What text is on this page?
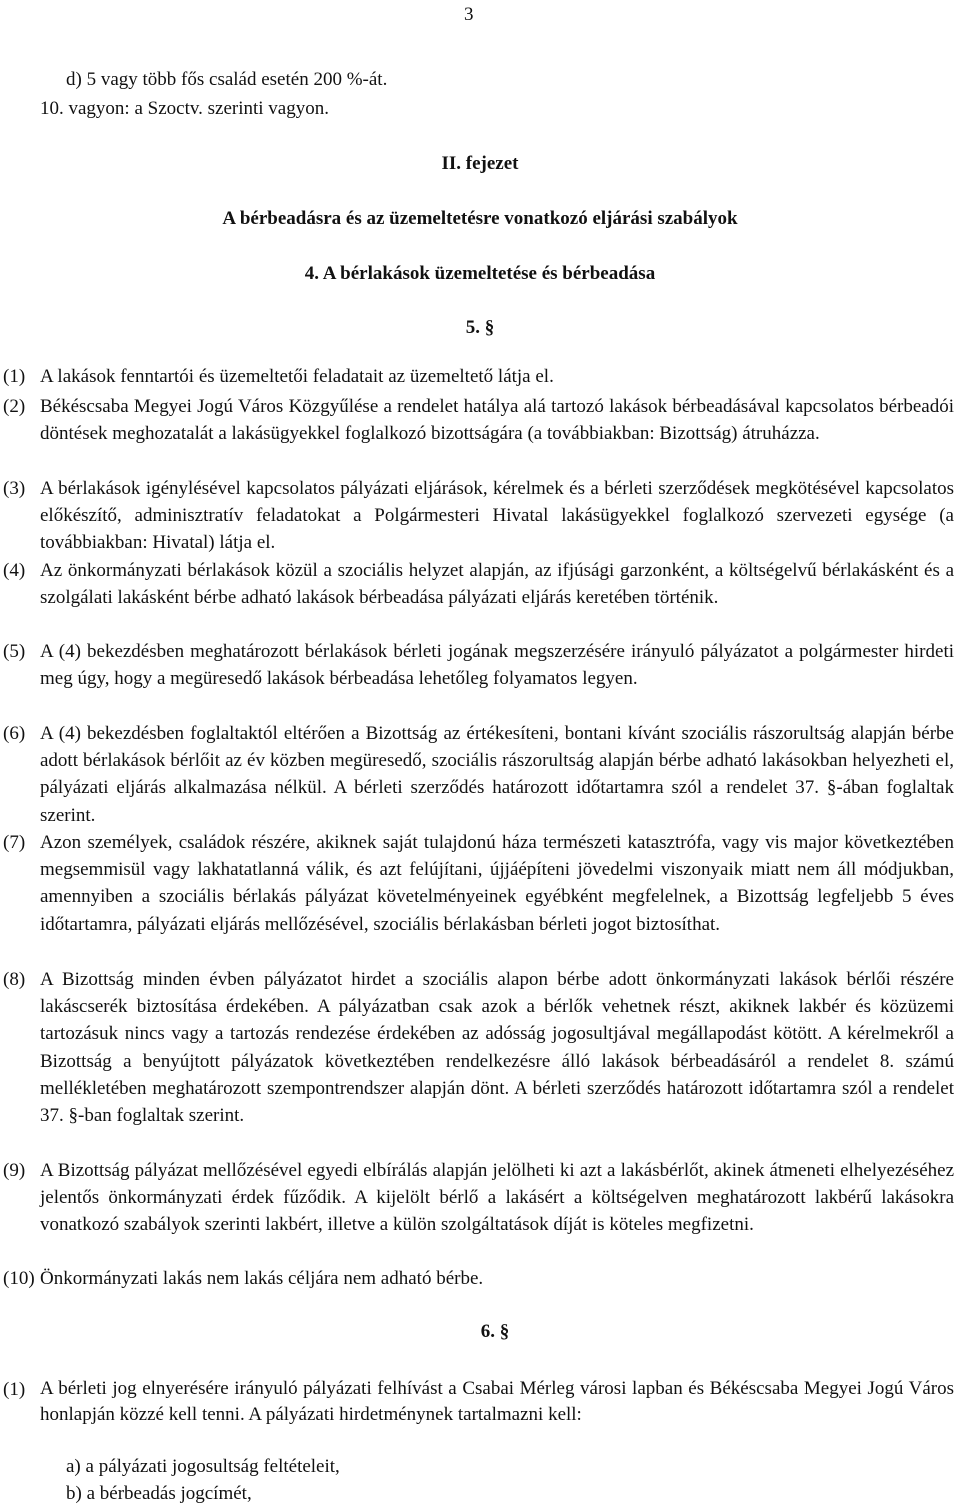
3
d) 5 vagy több fős család esetén 200 %-át.
10. vagyon: a Szoctv. szerinti vagyon.
II. fejezet
A bérbeadásra és az üzemeltetésre vonatkozó eljárási szabályok
4. A bérlakások üzemeltetése és bérbeadása
5. §
(1) A lakások fenntartói és üzemeltetői feladatait az üzemeltető látja el.
(2) Békéscsaba Megyei Jogú Város Közgyűlése a rendelet hatálya alá tartozó lakások bérbeadásával kapcsolatos bérbeadói döntések meghozatalát a lakásügyekkel foglalkozó bizottságára (a továbbiakban: Bizottság) átruházza.
(3) A bérlakások igénylésével kapcsolatos pályázati eljárások, kérelmek és a bérleti szerződések megkötésével kapcsolatos előkészítő, adminisztratív feladatokat a Polgármesteri Hivatal lakásügyekkel foglalkozó szervezeti egysége (a továbbiakban: Hivatal) látja el.
(4) Az önkormányzati bérlakások közül a szociális helyzet alapján, az ifjúsági garzonként, a költségelvű bérlakásként és a szolgálati lakásként bérbe adható lakások bérbeadása pályázati eljárás keretében történik.
(5) A (4) bekezdésben meghatározott bérlakások bérleti jogának megszerzésére irányuló pályázatot a polgármester hirdeti meg úgy, hogy a megüresedő lakások bérbeadása lehetőleg folyamatos legyen.
(6) A (4) bekezdésben foglaltaktól eltérően a Bizottság az értékesíteni, bontani kívánt szociális rászorultság alapján bérbe adott bérlakások bérlőit az év közben megüresedő, szociális rászorultság alapján bérbe adható lakásokban helyezheti el, pályázati eljárás alkalmazása nélkül. A bérleti szerződés határozott időtartamra szól a rendelet 37. §-ában foglaltak szerint.
(7) Azon személyek, családok részére, akiknek saját tulajdonú háza természeti katasztrófa, vagy vis major következtében megsemmisül vagy lakhatatlanná válik, és azt felújítani, újjáépíteni jövedelmi viszonyaik miatt nem áll módjukban, amennyiben a szociális bérlakás pályázat követelményeinek egyébként megfelelnek, a Bizottság legfeljebb 5 éves időtartamra, pályázati eljárás mellőzésével, szociális bérlakásban bérleti jogot biztosíthat.
(8) A Bizottság minden évben pályázatot hirdet a szociális alapon bérbe adott önkormányzati lakások bérlői részére lakáscserék biztosítása érdekében. A pályázatban csak azok a bérlők vehetnek részt, akiknek lakbér és közüzemi tartozásuk nincs vagy a tartozás rendezése érdekében az adósság jogosultjával megállapodást kötött. A kérelmekről a Bizottság a benyújtott pályázatok következtében rendelkezésre álló lakások bérbeadásáról a rendelet 8. számú mellékletében meghatározott szempontrendszer alapján dönt. A bérleti szerződés határozott időtartamra szól a rendelet 37. §-ban foglaltak szerint.
(9) A Bizottság pályázat mellőzésével egyedi elbírálás alapján jelölheti ki azt a lakásbérlőt, akinek átmeneti elhelyezéséhez jelentős önkormányzati érdek fűződik. A kijelölt bérlő a lakásért a költségelven meghatározott lakbérű lakásokra vonatkozó szabályok szerinti lakbért, illetve a külön szolgáltatások díját is köteles megfizetni.
(10) Önkormányzati lakás nem lakás céljára nem adható bérbe.
6. §
(1) A bérleti jog elnyerésére irányuló pályázati felhívást a Csabai Mérleg városi lapban és Békéscsaba Megyei Jogú Város honlapján közzé kell tenni. A pályázati hirdetménynek tartalmazni kell:
a) a pályázati jogosultság feltételeit,
b) a bérbeadás jogcímét,
